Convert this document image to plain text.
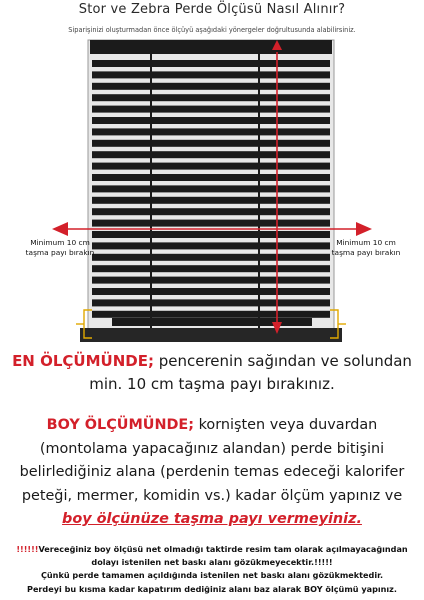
Stor ve Zebra Perde Ölçüsü Nasıl Alınır?
Siparişinizi oluşturmadan önce ölçüyü aşağıdaki yönergeler doğrultusunda alabilirsiniz.
Minimum 10 cm
taşma payı bırakın
Minimum 10 cm
taşma payı bırakın
EN ÖLÇÜMÜNDE; pencerenin sağından ve solundan min. 10 cm taşma payı bırakınız.
BOY ÖLÇÜMÜNDE; kornişten veya duvardan (montolama yapacağınız alandan) perde bitişini belirlediğiniz alana (perdenin temas edeceği kalorifer peteği, mermer, komidin vs.) kadar ölçüm yapınız ve boy ölçünüze taşma payı vermeyiniz.
!!!!!!Vereceğiniz boy ölçüsü net olmadığı taktirde resim tam olarak açılmayacağından dolayı istenilen net baskı alanı gözükmeyecektir.!!!!!
Çünkü perde tamamen açıldığında istenilen net baskı alanı gözükmektedir.
Perdeyi bu kısma kadar kapatırım dediğiniz alanı baz alarak BOY ölçümü yapınız.
